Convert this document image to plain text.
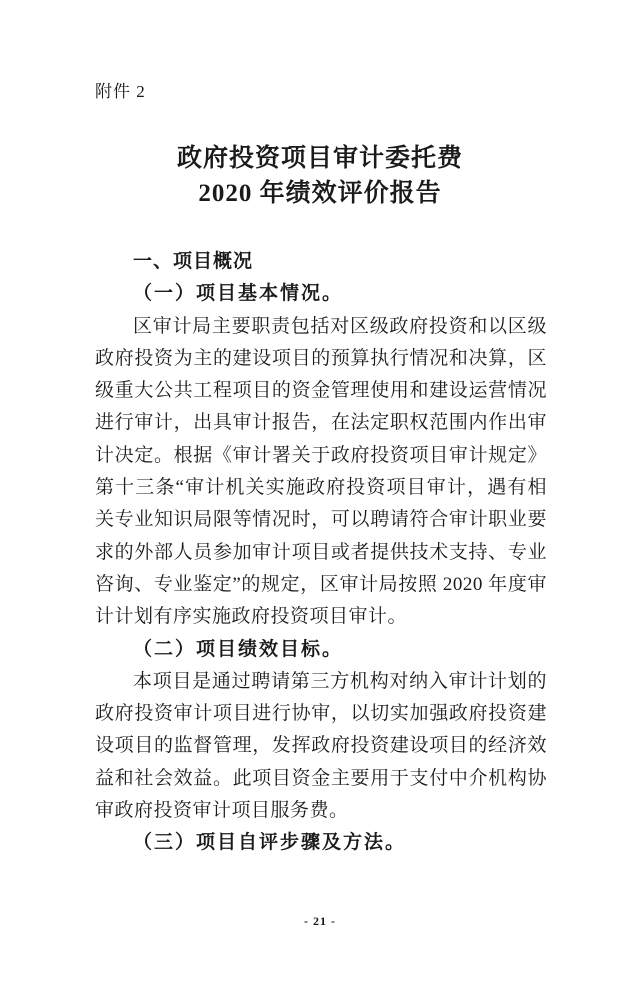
附件 2
政府投资项目审计委托费
2020 年绩效评价报告
一、项目概况
（一）项目基本情况。

区审计局主要职责包括对区级政府投资和以区级政府投资为主的建设项目的预算执行情况和决算，区级重大公共工程项目的资金管理使用和建设运营情况进行审计，出具审计报告，在法定职权范围内作出审计决定。根据《审计署关于政府投资项目审计规定》第十三条“审计机关实施政府投资项目审计，遇有相关专业知识局限等情况时，可以聘请符合审计职业要求的外部人员参加审计项目或者提供技术支持、专业咨询、专业鉴定”的规定，区审计局按照 2020 年度审计计划有序实施政府投资项目审计。

（二）项目绩效目标。

本项目是通过聘请第三方机构对纳入审计计划的政府投资审计项目进行协审，以切实加强政府投资建设项目的监督管理，发挥政府投资建设项目的经济效益和社会效益。此项目资金主要用于支付中介机构协审政府投资审计项目服务费。

（三）项目自评步骤及方法。
- 21 -
